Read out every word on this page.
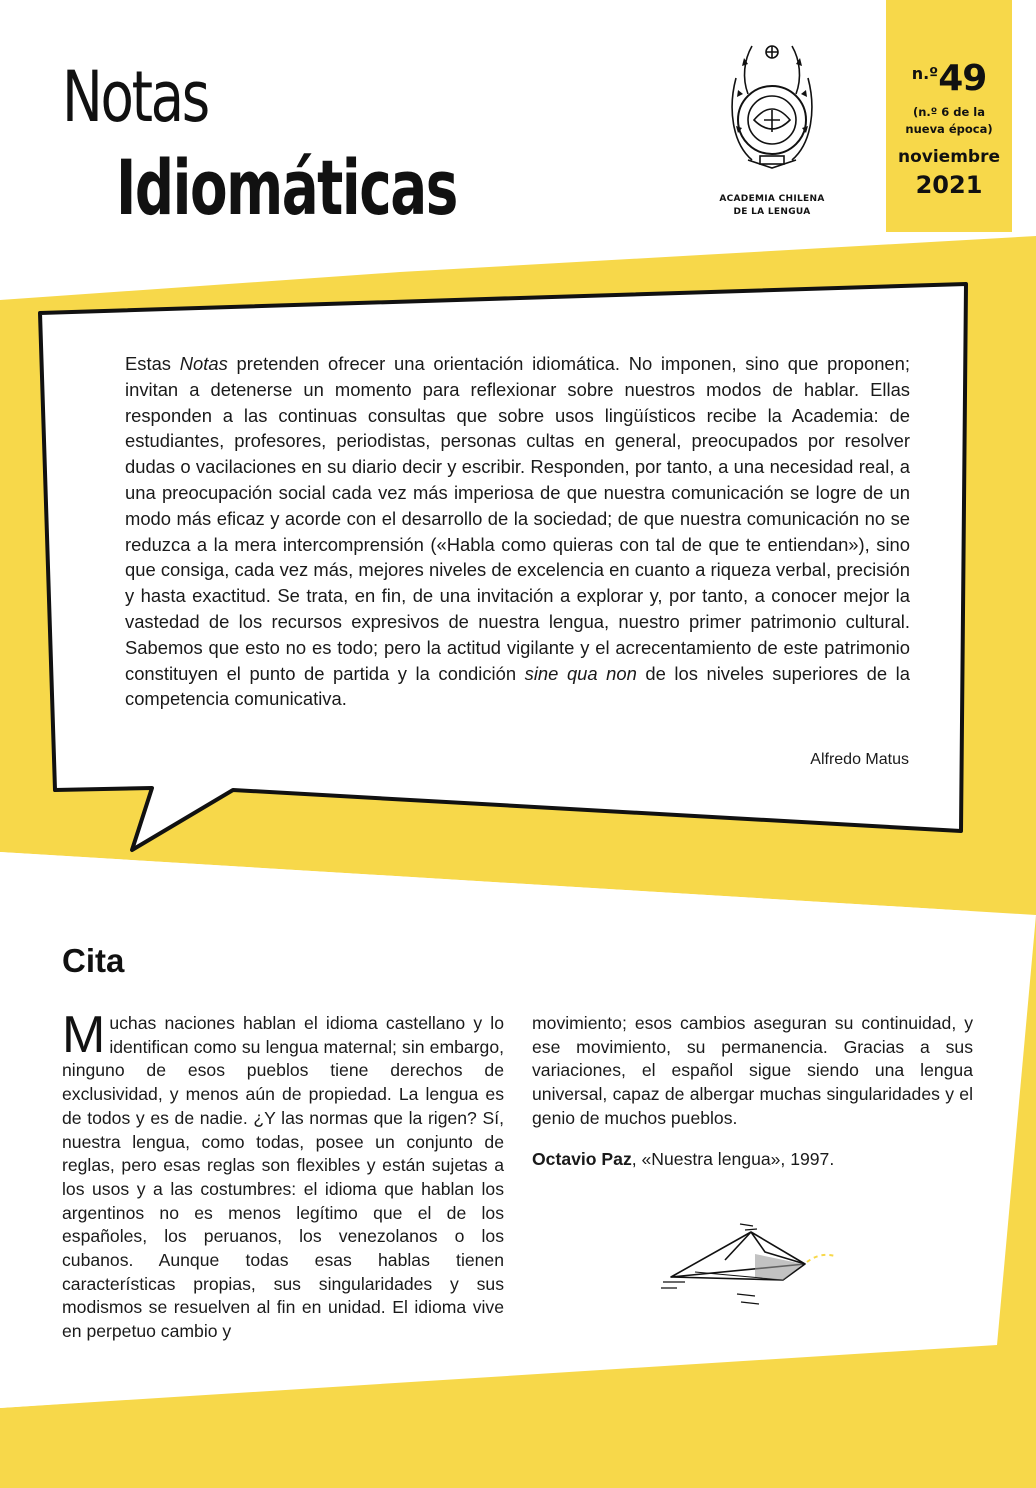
Notas
Idiomáticas	ACADEMIA CHILENA
DE LA LENGUA
n.º49
(n.º 6 de la
nueva época)
noviembre
2021
Estas Notas pretenden ofrecer una orientación idiomática. No imponen, sino que proponen; invitan a detenerse un momento para reflexionar sobre nuestros modos de hablar. Ellas responden a las continuas consultas que sobre usos lingüísticos recibe la Academia: de estudiantes, profesores, periodistas, personas cultas en general, preocupados por resolver dudas o vacilaciones en su diario decir y escribir. Responden, por tanto, a una necesidad real, a una preocupación social cada vez más imperiosa de que nuestra comunicación se logre de un modo más eficaz y acorde con el desarrollo de la sociedad; de que nuestra comunicación no se reduzca a la mera intercomprensión («Habla como quieras con tal de que te entiendan»), sino que consiga, cada vez más, mejores niveles de excelencia en cuanto a riqueza verbal, precisión y hasta exactitud. Se trata, en fin, de una invitación a explorar y, por tanto, a conocer mejor la vastedad de los recursos expresivos de nuestra lengua, nuestro primer patrimonio cultural. Sabemos que esto no es todo; pero la actitud vigilante y el acrecentamiento de este patrimonio constituyen el punto de partida y la condición sine qua non de los niveles superiores de la competencia comunicativa.
Alfredo Matus
Cita
Muchas naciones hablan el idioma castellano y lo identifican como su lengua maternal; sin embargo, ninguno de esos pueblos tiene derechos de exclusividad, y menos aún de propiedad. La lengua es de todos y es de nadie. ¿Y las normas que la rigen? Sí, nuestra lengua, como todas, posee un conjunto de reglas, pero esas reglas son flexibles y están sujetas a los usos y a las costumbres: el idioma que hablan los argentinos no es menos legítimo que el de los españoles, los peruanos, los venezolanos o los cubanos. Aunque todas esas hablas tienen características propias, sus singularidades y sus modismos se resuelven al fin en unidad. El idioma vive en perpetuo cambio y
movimiento; esos cambios aseguran su continuidad, y ese movimiento, su permanencia. Gracias a sus variaciones, el español sigue siendo una lengua universal, capaz de albergar muchas singularidades y el genio de muchos pueblos.
Octavio Paz, «Nuestra lengua», 1997.
